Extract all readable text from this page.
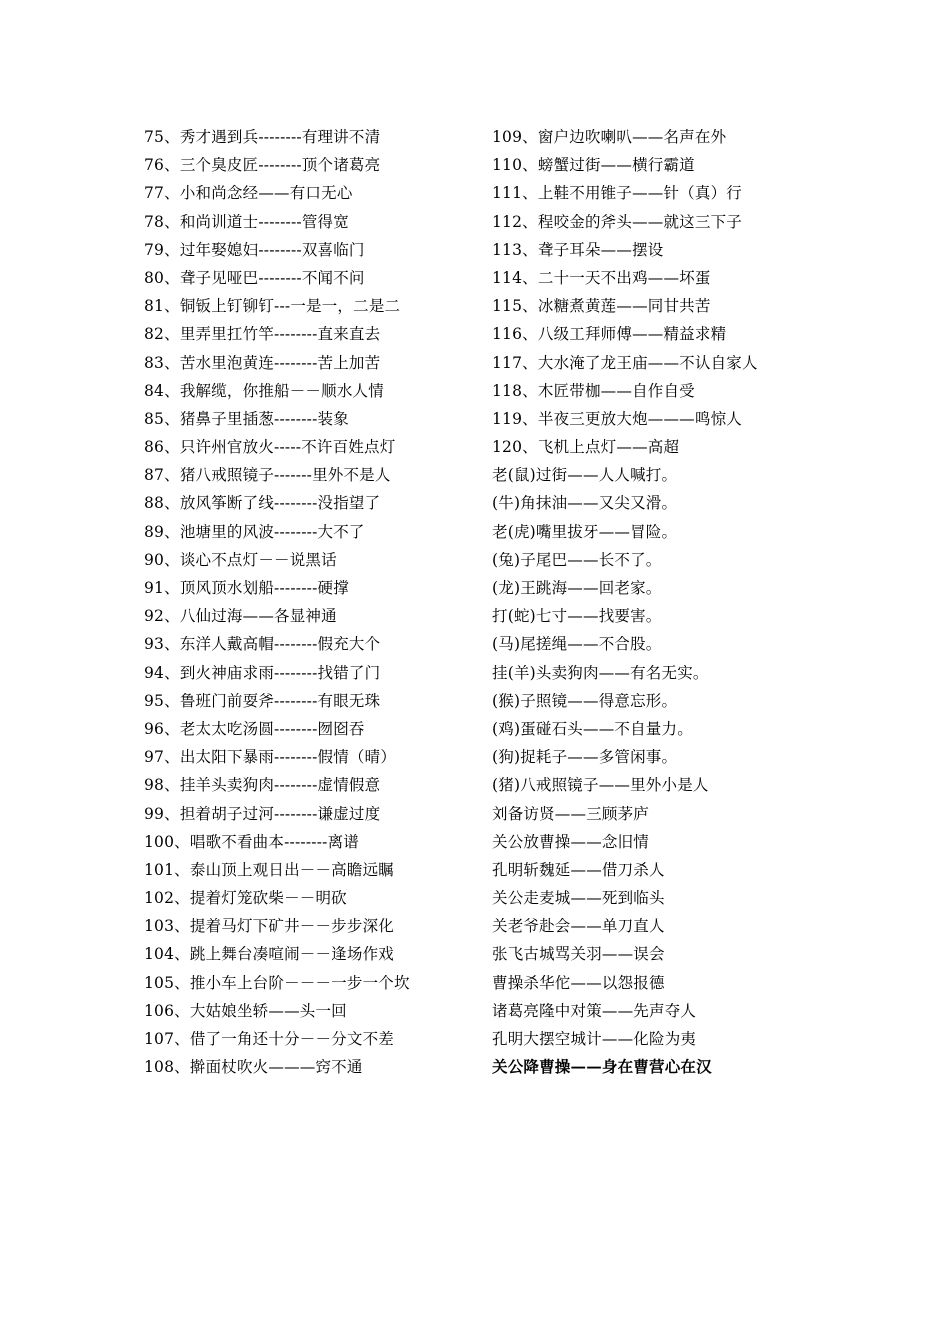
75、秀才遇到兵--------有理讲不清
76、三个臭皮匠--------顶个诸葛亮
77、小和尚念经——有口无心
78、和尚训道士--------管得宽
79、过年娶媳妇--------双喜临门
80、聋子见哑巴--------不闻不问
81、铜钣上钉铆钉---一是一，二是二
82、里弄里扛竹竿--------直来直去
83、苦水里泡黄连--------苦上加苦
84、我解缆，你推船－－顺水人情
85、猪鼻子里插葱--------装象
86、只许州官放火-----不许百姓点灯
87、猪八戒照镜子-------里外不是人
88、放风筝断了线--------没指望了
89、池塘里的风波--------大不了
90、谈心不点灯－－说黑话
91、顶风顶水划船--------硬撑
92、八仙过海——各显神通
93、东洋人戴高帽--------假充大个
94、到火神庙求雨--------找错了门
95、鲁班门前耍斧--------有眼无珠
96、老太太吃汤圆--------囫囵吞
97、出太阳下暴雨--------假情（晴）
98、挂羊头卖狗肉--------虚情假意
99、担着胡子过河--------谦虚过度
100、唱歌不看曲本--------离谱
101、泰山顶上观日出－－高瞻远瞩
102、提着灯笼砍柴－－明砍
103、提着马灯下矿井－－步步深化
104、跳上舞台凑喧闹－－逢场作戏
105、推小车上台阶－－－一步一个坎
106、大姑娘坐轿——头一回
107、借了一角还十分－－分文不差
108、擀面杖吹火———窍不通
109、窗户边吹喇叭——名声在外
110、螃蟹过街——横行霸道
111、上鞋不用锥子——针（真）行
112、程咬金的斧头——就这三下子
113、聋子耳朵——摆设
114、二十一天不出鸡——坏蛋
115、冰糖煮黄莲——同甘共苦
116、八级工拜师傅——精益求精
117、大水淹了龙王庙——不认自家人
118、木匠带枷——自作自受
119、半夜三更放大炮———鸣惊人
120、飞机上点灯——高超
老(鼠)过街——人人喊打。
(牛)角抹油——又尖又滑。
老(虎)嘴里拔牙——冒险。
(兔)子尾巴——长不了。
(龙)王跳海——回老家。
打(蛇)七寸——找要害。
(马)尾搓绳——不合股。
挂(羊)头卖狗肉——有名无实。
(猴)子照镜——得意忘形。
(鸡)蛋碰石头——不自量力。
(狗)捉耗子——多管闲事。
(猪)八戒照镜子——里外小是人
刘备访贤——三顾茅庐
关公放曹操——念旧情
孔明斩魏延——借刀杀人
关公走麦城——死到临头
关老爷赴会——单刀直人
张飞古城骂关羽——误会
曹操杀华佗——以怨报德
诸葛亮隆中对策——先声夺人
孔明大摆空城计——化险为夷
关公降曹操——身在曹营心在汉
